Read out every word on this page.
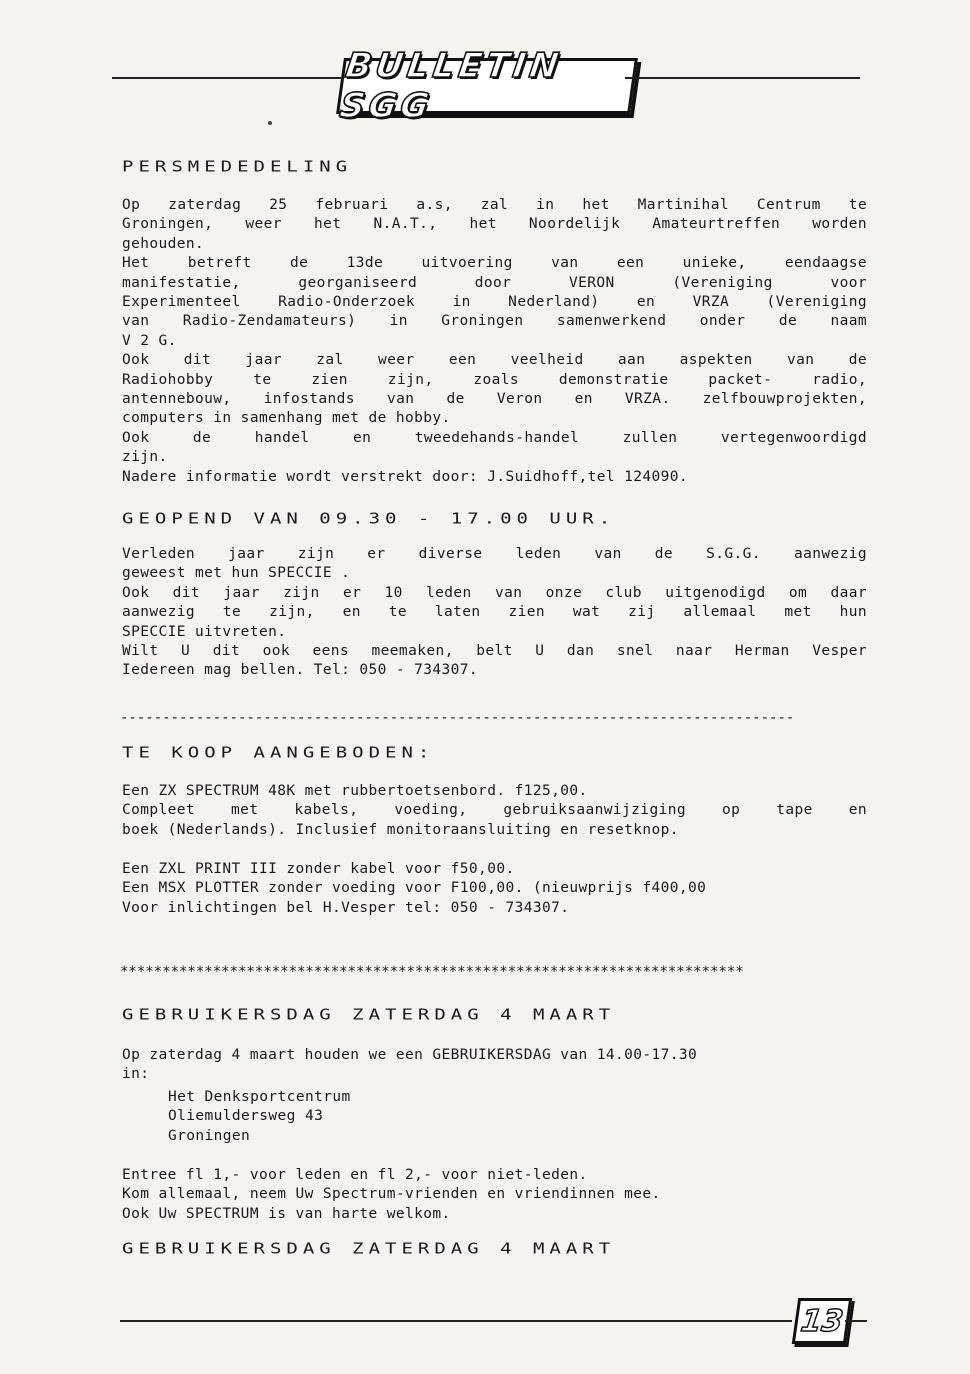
BULLETIN SGG
PERSMEDEDELING

Op zaterdag 25 februari a.s, zal in het Martinihal Centrum te

Groningen, weer het N.A.T., het Noordelijk Amateurtreffen worden

gehouden.

Het betreft de 13de uitvoering van een unieke, eendaagse

manifestatie, georganiseerd door VERON (Vereniging voor

Experimenteel Radio-Onderzoek in Nederland) en VRZA (Vereniging

van Radio-Zendamateurs) in Groningen samenwerkend onder de naam

V 2 G.

Ook dit jaar zal weer een veelheid aan aspekten van de

Radiohobby te zien zijn, zoals demonstratie packet- radio,

antennebouw, infostands van de Veron en VRZA. zelfbouwprojekten,

computers in samenhang met de hobby.

Ook de handel en tweedehands-handel zullen vertegenwoordigd

zijn.

Nadere informatie wordt verstrekt door: J.Suidhoff,tel 124090.

GEOPEND VAN 09.30 - 17.00 UUR.

Verleden jaar zijn er diverse leden van de S.G.G. aanwezig

geweest met hun SPECCIE .

Ook dit jaar zijn er 10 leden van onze club uitgenodigd om daar

aanwezig te zijn, en te laten zien wat zij allemaal met hun

SPECCIE uitvreten.

Wilt U dit ook eens meemaken, belt U dan snel naar Herman Vesper

Iedereen mag bellen. Tel: 050 - 734307.

--------------------------------------------------------------------------------
TE KOOP AANGEBODEN:

Een ZX SPECTRUM 48K met rubbertoetsenbord. f125,00.

Compleet met kabels, voeding, gebruiksaanwijziging op tape en

boek (Nederlands). Inclusief monitoraansluiting en resetknop.

Een ZXL PRINT III zonder kabel voor f50,00.

Een MSX PLOTTER zonder voeding voor F100,00. (nieuwprijs f400,00

Voor inlichtingen bel H.Vesper tel: 050 - 734307.

**************************************************************************
GEBRUIKERSDAG ZATERDAG 4 MAART

Op zaterdag 4 maart houden we een GEBRUIKERSDAG van 14.00-17.30

in:

Het Denksportcentrum

Oliemuldersweg 43

Groningen

Entree fl 1,- voor leden en fl 2,- voor niet-leden.

Kom allemaal, neem Uw Spectrum-vrienden en vriendinnen mee.

Ook Uw SPECTRUM is van harte welkom.

GEBRUIKERSDAG ZATERDAG 4 MAART
13
